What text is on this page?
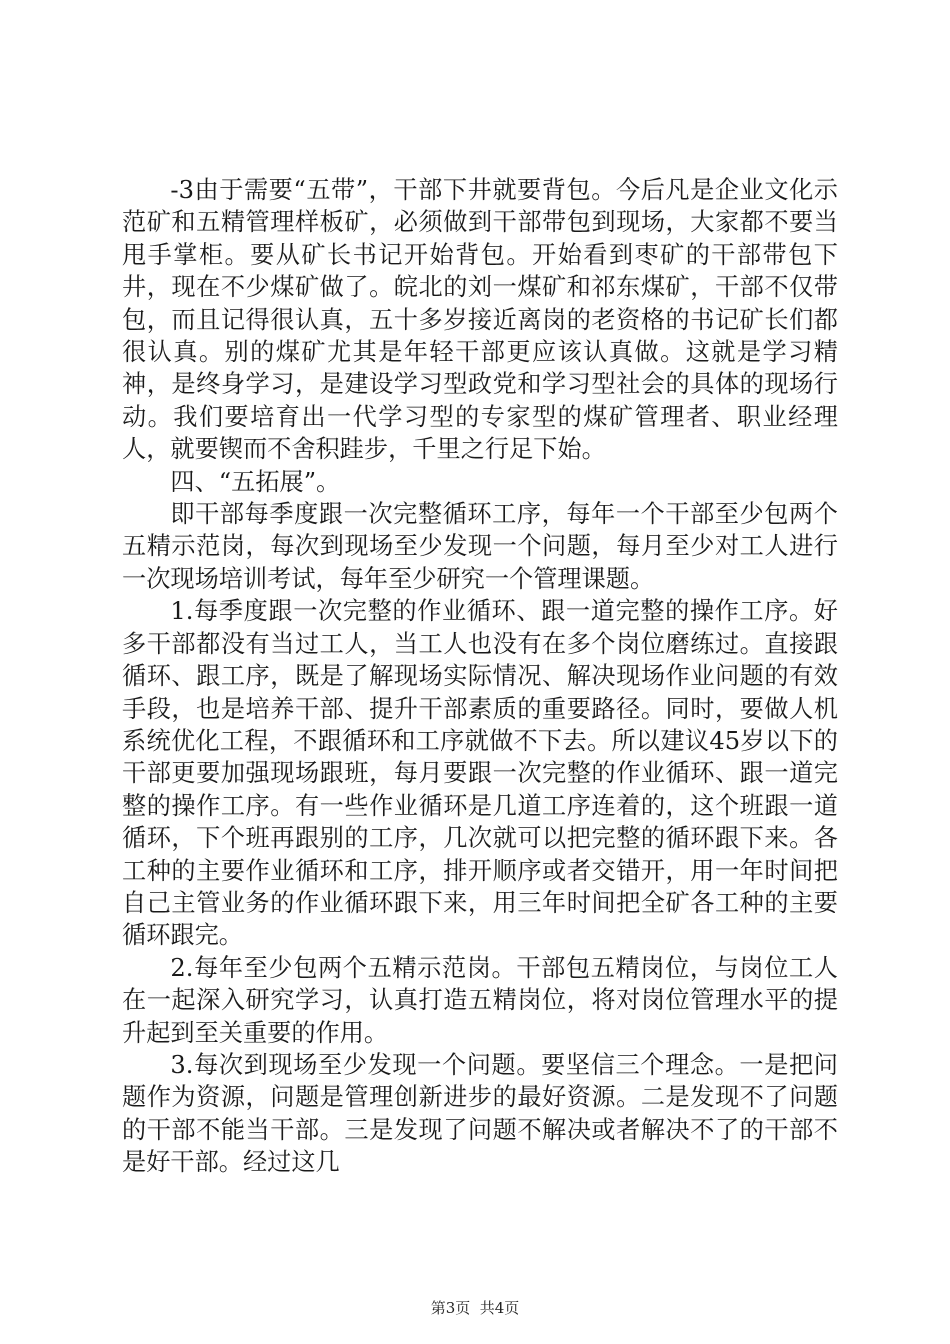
-3由于需要“五带”，干部下井就要背包。今后凡是企业文化示范矿和五精管理样板矿，必须做到干部带包到现场，大家都不要当甩手掌柜。要从矿长书记开始背包。开始看到枣矿的干部带包下井，现在不少煤矿做了。皖北的刘一煤矿和祁东煤矿，干部不仅带包，而且记得很认真，五十多岁接近离岗的老资格的书记矿长们都很认真。别的煤矿尤其是年轻干部更应该认真做。这就是学习精神，是终身学习，是建设学习型政党和学习型社会的具体的现场行动。我们要培育出一代学习型的专家型的煤矿管理者、职业经理人，就要锲而不舍积跬步，千里之行足下始。

四、“五拓展”。

即干部每季度跟一次完整循环工序，每年一个干部至少包两个五精示范岗，每次到现场至少发现一个问题，每月至少对工人进行一次现场培训考试，每年至少研究一个管理课题。

1.每季度跟一次完整的作业循环、跟一道完整的操作工序。好多干部都没有当过工人，当工人也没有在多个岗位磨练过。直接跟循环、跟工序，既是了解现场实际情况、解决现场作业问题的有效手段，也是培养干部、提升干部素质的重要路径。同时，要做人机系统优化工程，不跟循环和工序就做不下去。所以建议45岁以下的干部更要加强现场跟班，每月要跟一次完整的作业循环、跟一道完整的操作工序。有一些作业循环是几道工序连着的，这个班跟一道循环，下个班再跟别的工序，几次就可以把完整的循环跟下来。各工种的主要作业循环和工序，排开顺序或者交错开，用一年时间把自己主管业务的作业循环跟下来，用三年时间把全矿各工种的主要循环跟完。

2.每年至少包两个五精示范岗。干部包五精岗位，与岗位工人在一起深入研究学习，认真打造五精岗位，将对岗位管理水平的提升起到至关重要的作用。

3.每次到现场至少发现一个问题。要坚信三个理念。一是把问题作为资源，问题是管理创新进步的最好资源。二是发现不了问题的干部不能当干部。三是发现了问题不解决或者解决不了的干部不是好干部。经过这几

第3页  共4页
